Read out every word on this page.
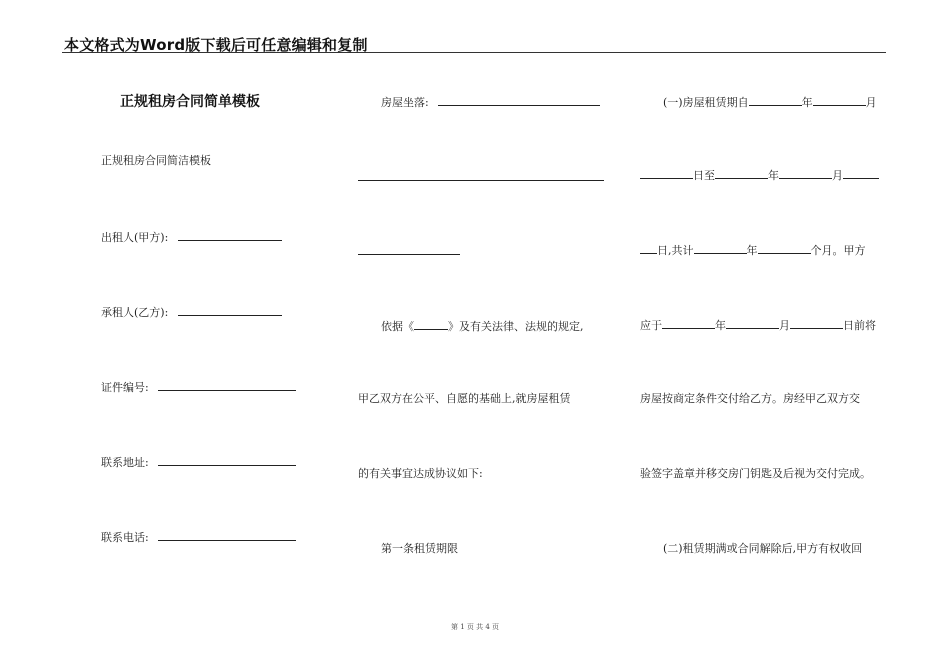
本文格式为Word版下载后可任意编辑和复制
正规租房合同简单模板
正规租房合同简洁模板
出租人(甲方):
承租人(乙方):
证件编号:
联系地址:
联系电话:
房屋坐落:
依据《	》及有关法律、法规的规定,
甲乙双方在公平、自愿的基础上,就房屋租赁
的有关事宜达成协议如下:
第一条租赁期限
(一)房屋租赁期自	年	月
日至	年	月
日,共计	年	个月。甲方
应于	年	月	日前将
房屋按商定条件交付给乙方。房经甲乙双方交
验签字盖章并移交房门钥匙及后视为交付完成。
(二)租赁期满或合同解除后,甲方有权收回
第 1 页 共 4 页
